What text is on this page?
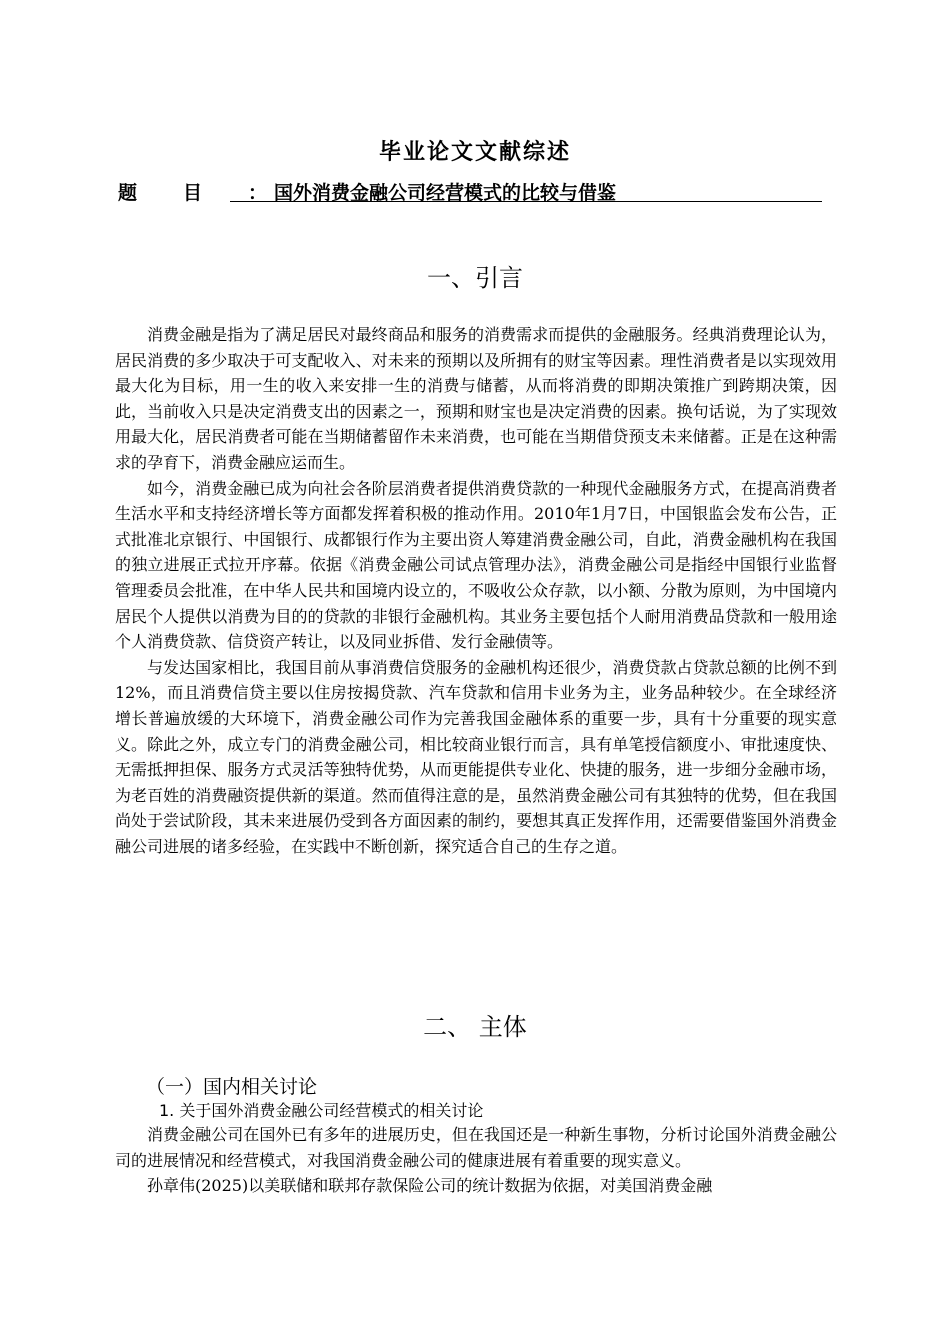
毕业论文文献综述
题目：
国外消费金融公司经营模式的比较与借鉴
一、引言

消费金融是指为了满足居民对最终商品和服务的消费需求而提供的金融服务。经典消费理论认为，居民消费的多少取决于可支配收入、对未来的预期以及所拥有的财宝等因素。理性消费者是以实现效用最大化为目标，用一生的收入来安排一生的消费与储蓄，从而将消费的即期决策推广到跨期决策，因此，当前收入只是决定消费支出的因素之一，预期和财宝也是决定消费的因素。换句话说，为了实现效用最大化，居民消费者可能在当期储蓄留作未来消费，也可能在当期借贷预支未来储蓄。正是在这种需求的孕育下，消费金融应运而生。

如今，消费金融已成为向社会各阶层消费者提供消费贷款的一种现代金融服务方式，在提高消费者生活水平和支持经济增长等方面都发挥着积极的推动作用。2010年1月7日，中国银监会发布公告，正式批准北京银行、中国银行、成都银行作为主要出资人筹建消费金融公司，自此，消费金融机构在我国的独立进展正式拉开序幕。依据《消费金融公司试点管理办法》，消费金融公司是指经中国银行业监督管理委员会批准，在中华人民共和国境内设立的，不吸收公众存款，以小额、分散为原则，为中国境内居民个人提供以消费为目的的贷款的非银行金融机构。其业务主要包括个人耐用消费品贷款和一般用途个人消费贷款、信贷资产转让，以及同业拆借、发行金融债等。

与发达国家相比，我国目前从事消费信贷服务的金融机构还很少，消费贷款占贷款总额的比例不到12%，而且消费信贷主要以住房按揭贷款、汽车贷款和信用卡业务为主，业务品种较少。在全球经济增长普遍放缓的大环境下，消费金融公司作为完善我国金融体系的重要一步，具有十分重要的现实意义。除此之外，成立专门的消费金融公司，相比较商业银行而言，具有单笔授信额度小、审批速度快、无需抵押担保、服务方式灵活等独特优势，从而更能提供专业化、快捷的服务，进一步细分金融市场，为老百姓的消费融资提供新的渠道。然而值得注意的是，虽然消费金融公司有其独特的优势，但在我国尚处于尝试阶段，其未来进展仍受到各方面因素的制约，要想其真正发挥作用，还需要借鉴国外消费金融公司进展的诸多经验，在实践中不断创新，探究适合自己的生存之道。

二、 主体
（一）国内相关讨论
1. 关于国外消费金融公司经营模式的相关讨论

消费金融公司在国外已有多年的进展历史，但在我国还是一种新生事物，分析讨论国外消费金融公司的进展情况和经营模式，对我国消费金融公司的健康进展有着重要的现实意义。

孙章伟(2025)以美联储和联邦存款保险公司的统计数据为依据，对美国消费金融
